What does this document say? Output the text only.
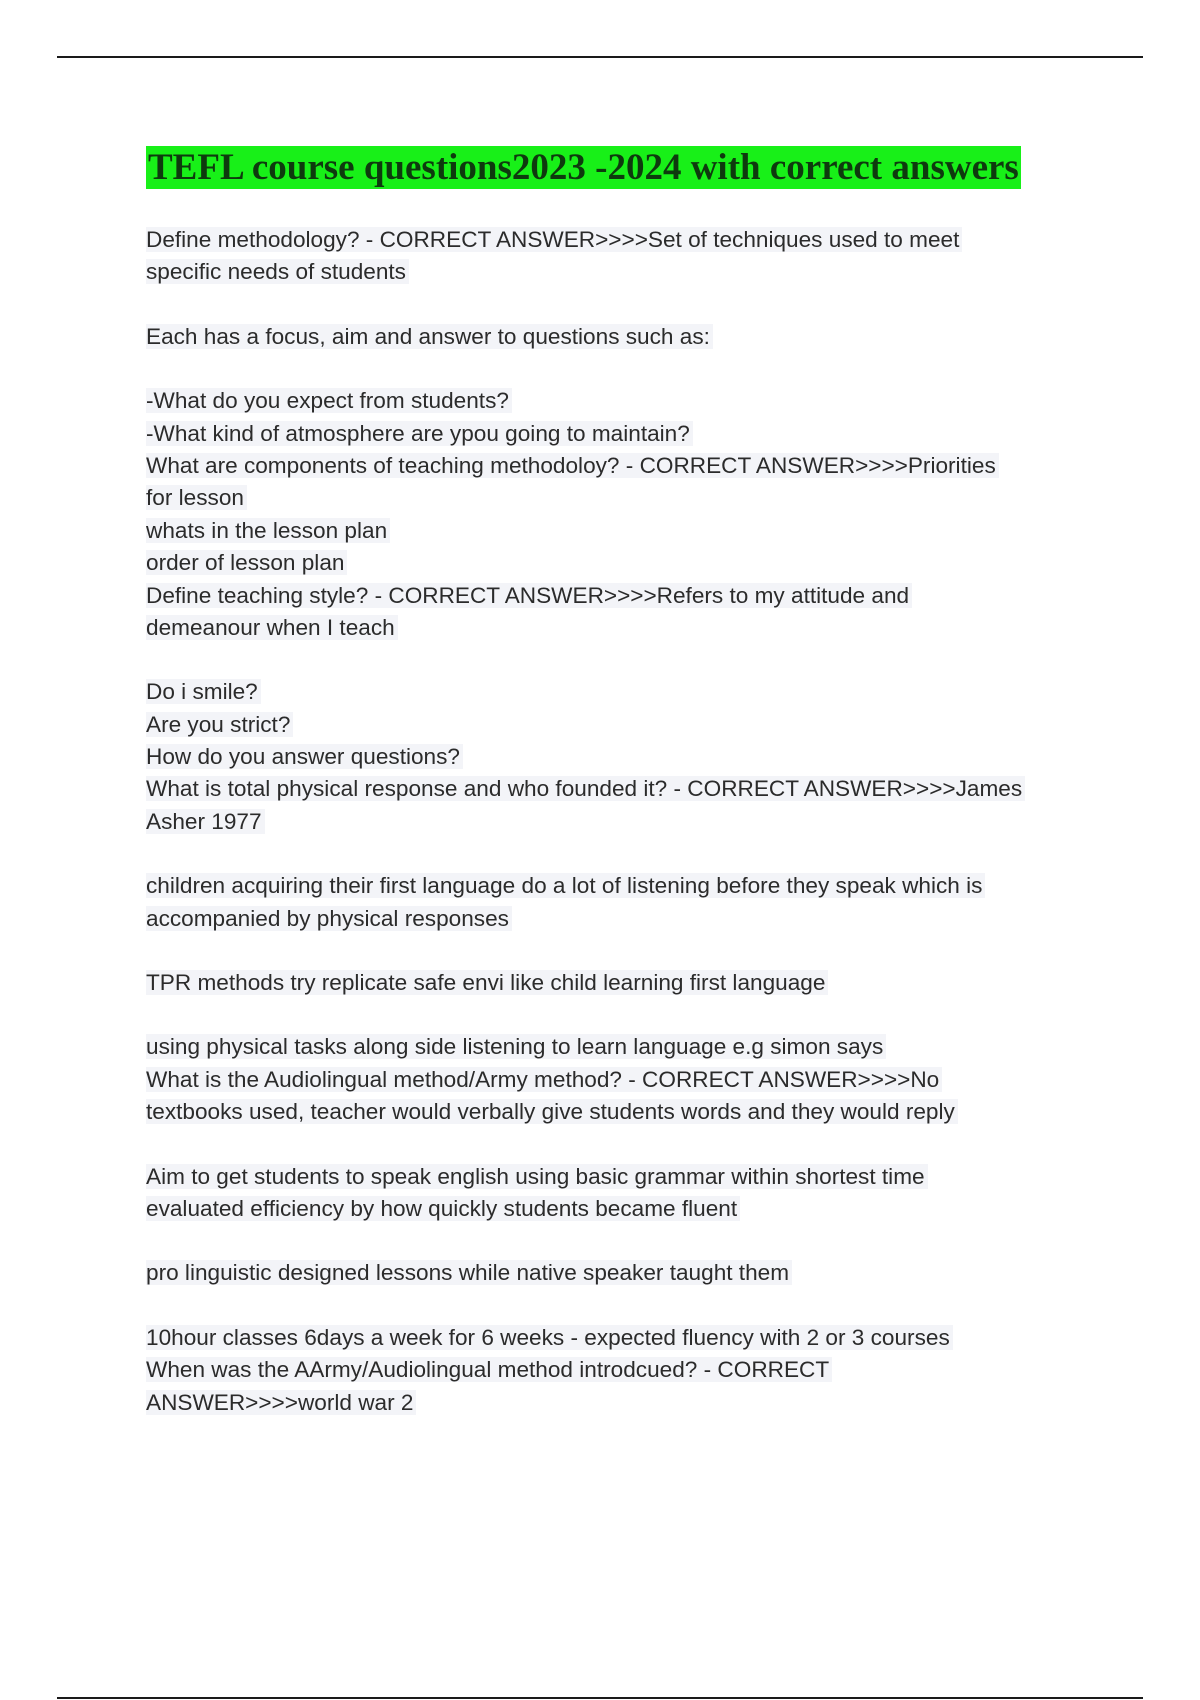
TEFL course questions2023 -2024 with correct answers
Define methodology? - CORRECT ANSWER>>>>Set of techniques used to meet
specific needs of students
Each has a focus, aim and answer to questions such as:
-What do you expect from students?
-What kind of atmosphere are ypou going to maintain?
What are components of teaching methodoloy? - CORRECT ANSWER>>>>Priorities
for lesson
whats in the lesson plan
order of lesson plan
Define teaching style? - CORRECT ANSWER>>>>Refers to my attitude and
demeanour when I teach
Do i smile?
Are you strict?
How do you answer questions?
What is total physical response and who founded it? - CORRECT ANSWER>>>>James
Asher 1977
children acquiring their first language do a lot of listening before they speak which is
accompanied by physical responses
TPR methods try replicate safe envi like child learning first language
using physical tasks along side listening to learn language e.g simon says
What is the Audiolingual method/Army method? - CORRECT ANSWER>>>>No
textbooks used, teacher would verbally give students words and they would reply
Aim to get students to speak english using basic grammar within shortest time
evaluated efficiency by how quickly students became fluent
pro linguistic designed lessons while native speaker taught them
10hour classes 6days a week for 6 weeks - expected fluency with 2 or 3 courses
When was the AArmy/Audiolingual method introdcued? - CORRECT
ANSWER>>>>world war 2
